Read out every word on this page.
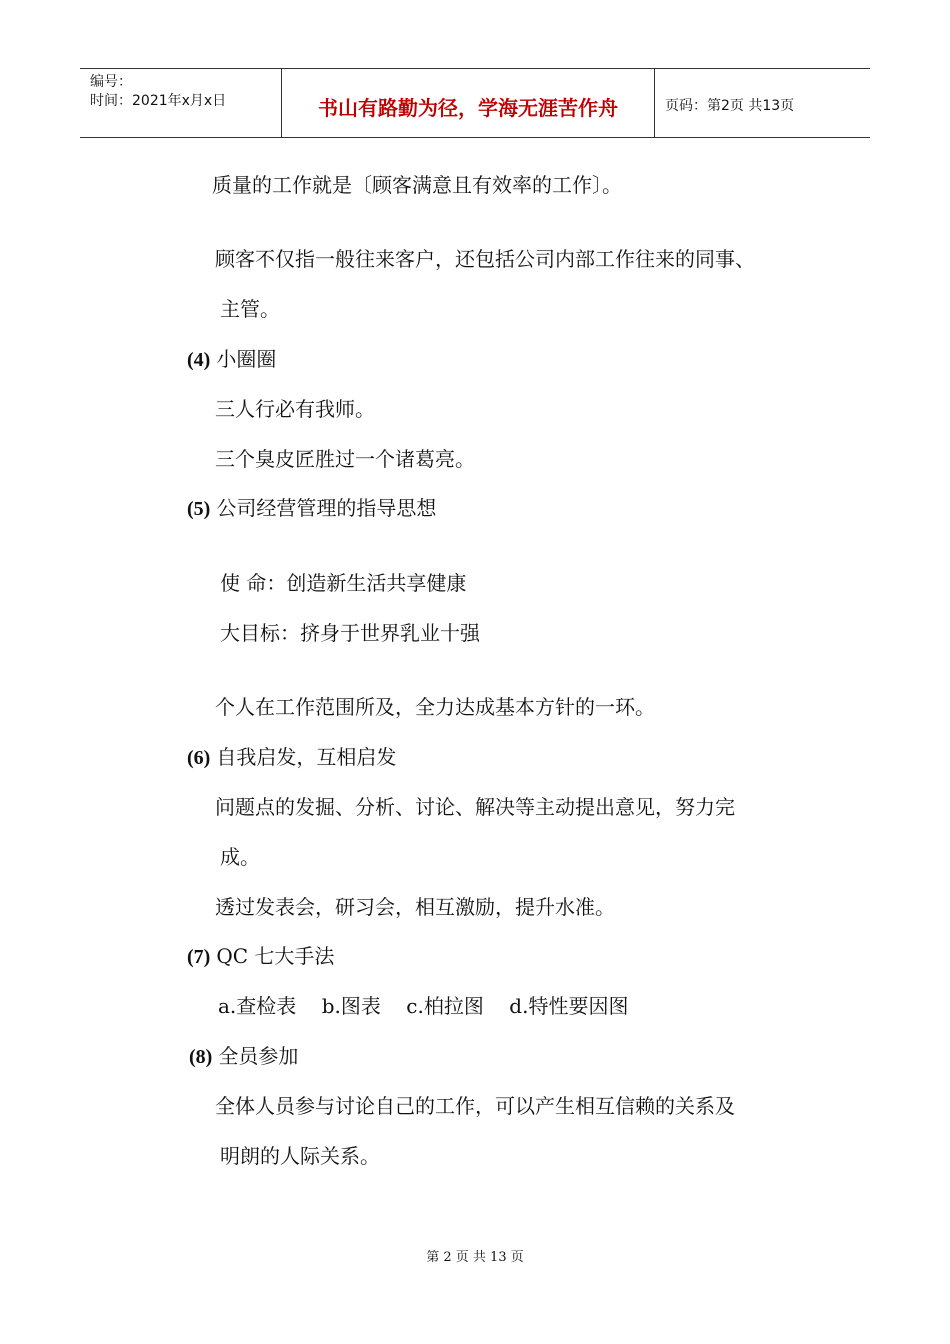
编号：
时间：2021年x月x日	书山有路勤为径，学海无涯苦作舟	页码：第2页 共13页
质量的工作就是〔顾客满意且有效率的工作〕。
顾客不仅指一般往来客户，还包括公司内部工作往来的同事、
主管。
(4) 小圈圈
三人行必有我师。
三个臭皮匠胜过一个诸葛亮。
(5) 公司经营管理的指导思想
使 命：创造新生活共享健康
大目标：挤身于世界乳业十强
个人在工作范围所及，全力达成基本方针的一环。
(6) 自我启发，互相启发
问题点的发掘、分析、讨论、解决等主动提出意见，努力完
成。
透过发表会，研习会，相互激励，提升水准。
(7) QC 七大手法
a.查检表    b.图表    c.柏拉图    d.特性要因图
(8) 全员参加
全体人员参与讨论自己的工作，可以产生相互信赖的关系及
明朗的人际关系。
第 2 页 共 13 页
